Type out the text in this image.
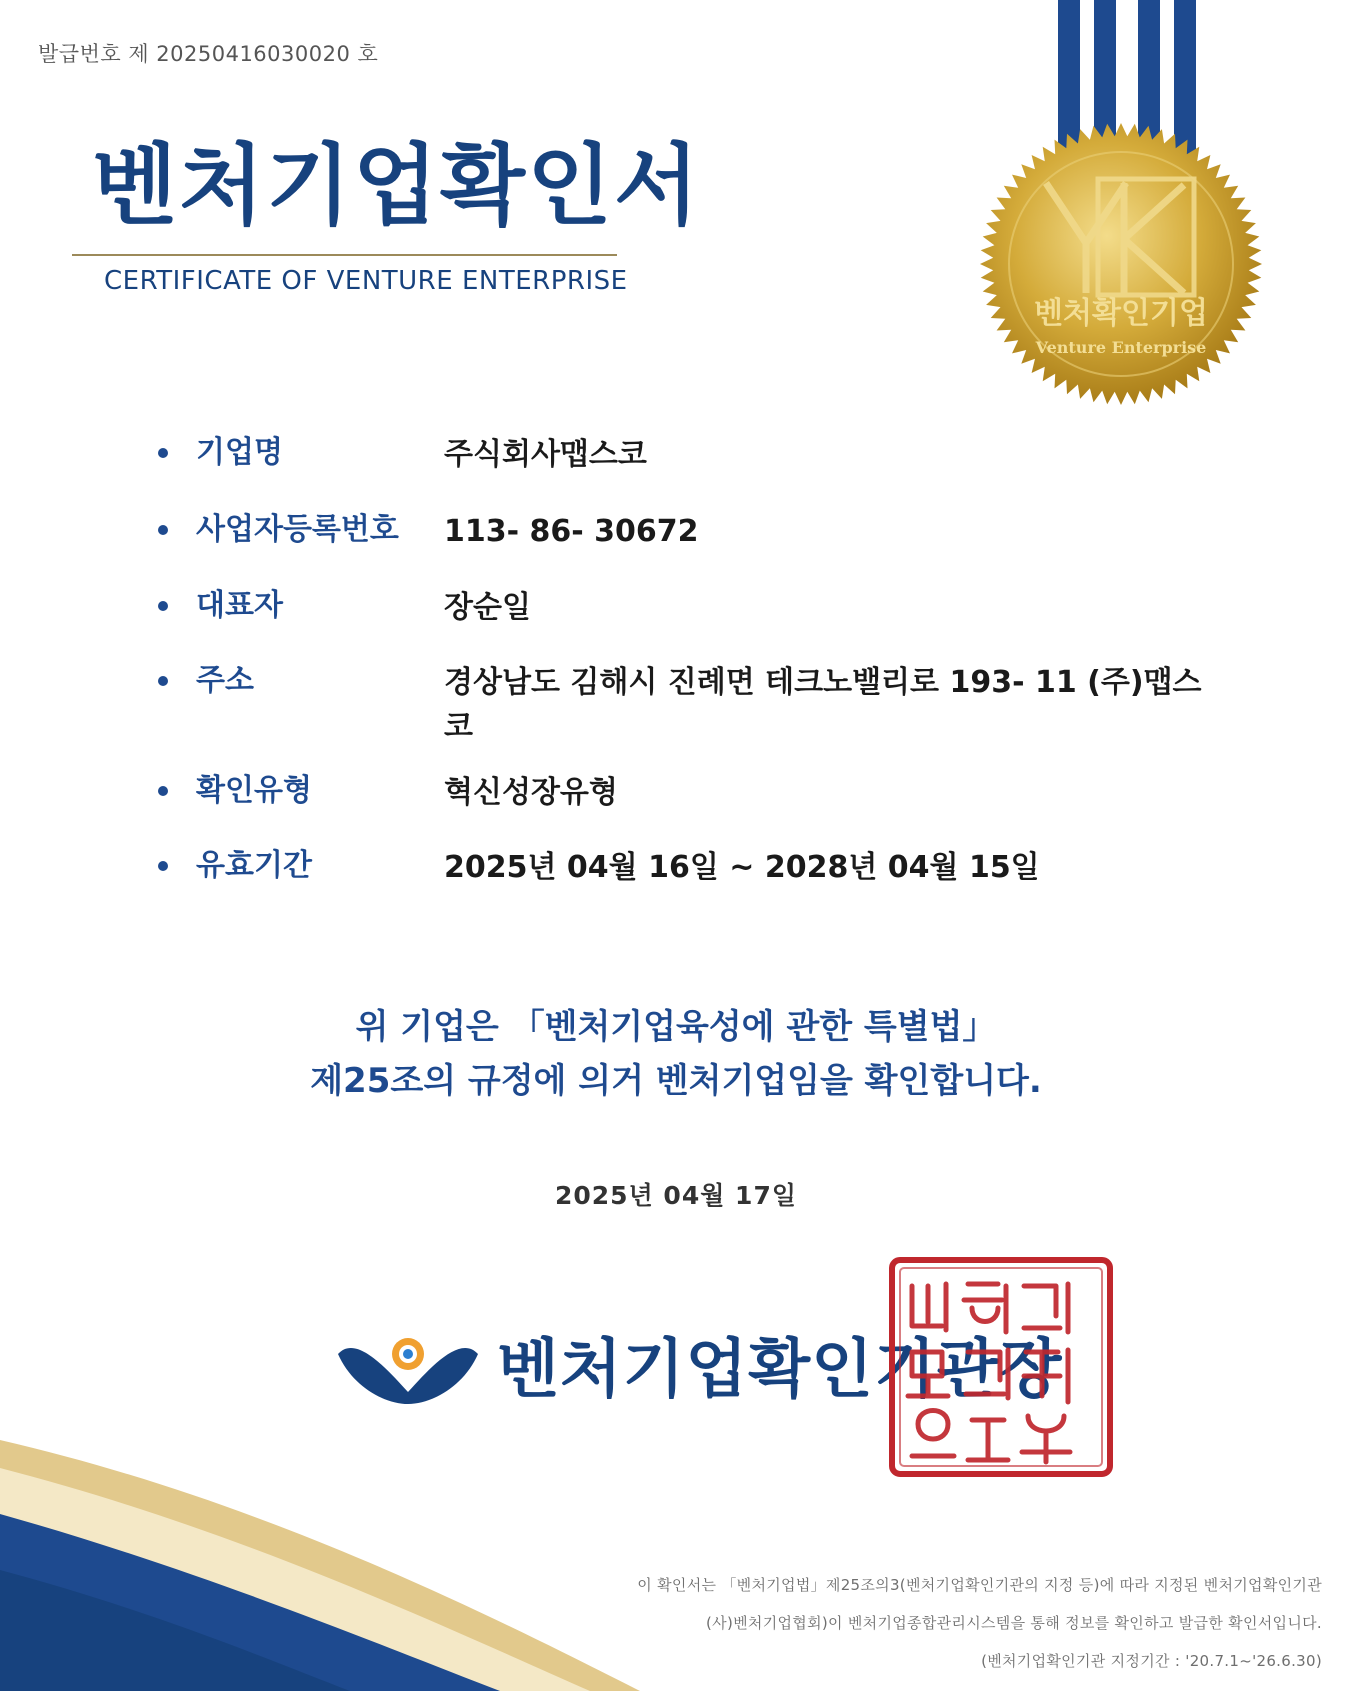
발급번호 제 20250416030020 호
벤처기업확인서
CERTIFICATE OF VENTURE ENTERPRISE
벤처확인기업
Venture Enterprise
기업명	주식회사맵스코
사업자등록번호	113- 86- 30672
대표자	장순일
주소	경상남도 김해시 진례면 테크노밸리로 193- 11 (주)맵스코
확인유형	혁신성장유형
유효기간	2025년 04월 16일 ~ 2028년 04월 15일
위 기업은 「벤처기업육성에 관한 특별법」
제25조의 규정에 의거 벤처기업임을 확인합니다.
2025년 04월 17일
벤처기업확인기관장
이 확인서는 「벤처기업법」제25조의3(벤처기업확인기관의 지정 등)에 따라 지정된 벤처기업확인기관
(사)벤처기업협회)이 벤처기업종합관리시스템을 통해 정보를 확인하고 발급한 확인서입니다.
(벤처기업확인기관 지정기간 : '20.7.1~'26.6.30)
